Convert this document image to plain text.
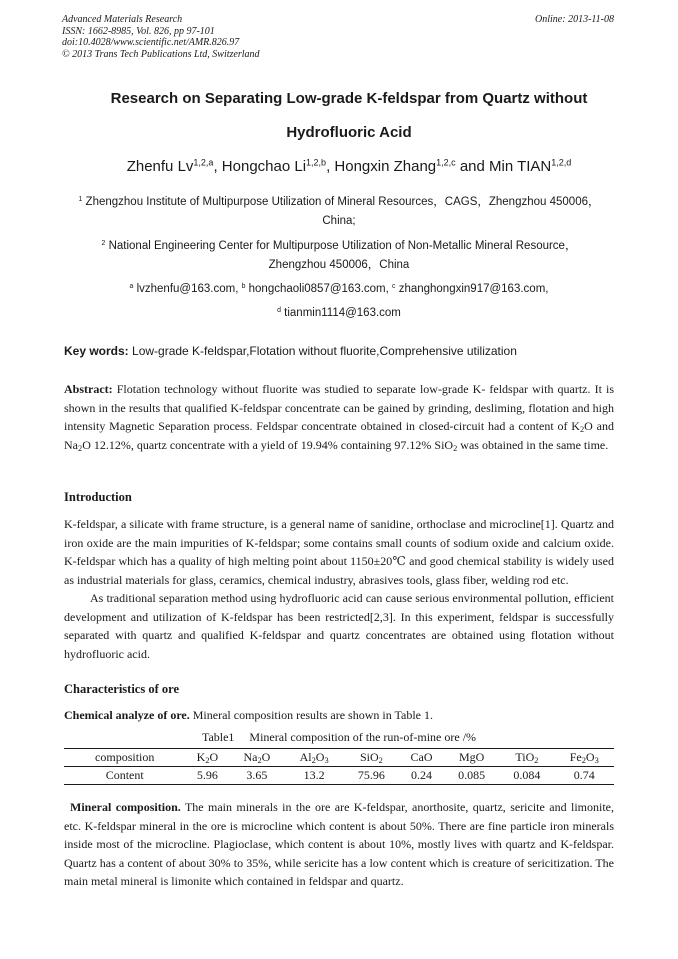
Advanced Materials Research
ISSN: 1662-8985, Vol. 826, pp 97-101
doi:10.4028/www.scientific.net/AMR.826.97
© 2013 Trans Tech Publications Ltd, Switzerland
Online: 2013-11-08
Research on Separating Low-grade K-feldspar from Quartz without
Hydrofluoric Acid
Zhenfu Lv$^{1,2,a}$, Hongchao Li$^{1,2,b}$, Hongxin Zhang$^{1,2,c}$ and Min TIAN$^{1,2,d}$
$^1$ Zhengzhou Institute of Multipurpose Utilization of Mineral Resources，CAGS，Zhengzhou 450006，
China;
$^2$ National Engineering Center for Multipurpose Utilization of Non-Metallic Mineral Resource，
Zhengzhou 450006，China
$^a$ lvzhenfu@163.com, $^b$ hongchaoli0857@163.com, $^c$ zhanghongxin917@163.com,
$^d$ tianmin1114@163.com
Key words: Low-grade K-feldspar,Flotation without fluorite,Comprehensive utilization

Abstract: Flotation technology without fluorite was studied to separate low-grade K- feldspar with quartz. It is shown in the results that qualified K-feldspar concentrate can be gained by grinding, desliming, flotation and high intensity Magnetic Separation process. Feldspar concentrate obtained in closed-circuit had a content of $K_2O$ and $Na_2O$ 12.12%, quartz concentrate with a yield of 19.94% containing 97.12% SiO$_2$ was obtained in the same time.

Introduction

K-feldspar, a silicate with frame structure, is a general name of sanidine, orthoclase and microcline[1]. Quartz and iron oxide are the main impurities of K-feldspar; some contains small counts of sodium oxide and calcium oxide. K-feldspar which has a quality of high melting point about 1150±20℃ and good chemical stability is widely used as industrial materials for glass, ceramics, chemical industry, abrasives tools, glass fiber, welding rod etc.

As traditional separation method using hydrofluoric acid can cause serious environmental pollution, efficient development and utilization of K-feldspar has been restricted[2,3]. In this experiment, feldspar is successfully separated with quartz and qualified K-feldspar and quartz concentrates are obtained using flotation without hydrofluoric acid.

Characteristics of ore
Chemical analyze of ore. Mineral composition results are shown in Table 1.
Table1     Mineral composition of the run-of-mine ore /%
composition	$K_2O$	$Na_2O$	$Al_2O_3$	SiO$_2$	CaO	MgO	TiO$_2$	$Fe_2O_3$
Content	5.96	3.65	13.2	75.96	0.24	0.085	0.084	0.74
Mineral composition. The main minerals in the ore are K-feldspar, anorthosite, quartz, sericite and limonite, etc. K-feldspar mineral in the ore is microcline which content is about 50%. There are fine particle iron minerals inside most of the microcline. Plagioclase, which content is about 10%, mostly lives with quartz and K-feldspar. Quartz has a content of about 30% to 35%, while sericite has a low content which is creature of sericitization. The main metal mineral is limonite which contained in feldspar and quartz.
